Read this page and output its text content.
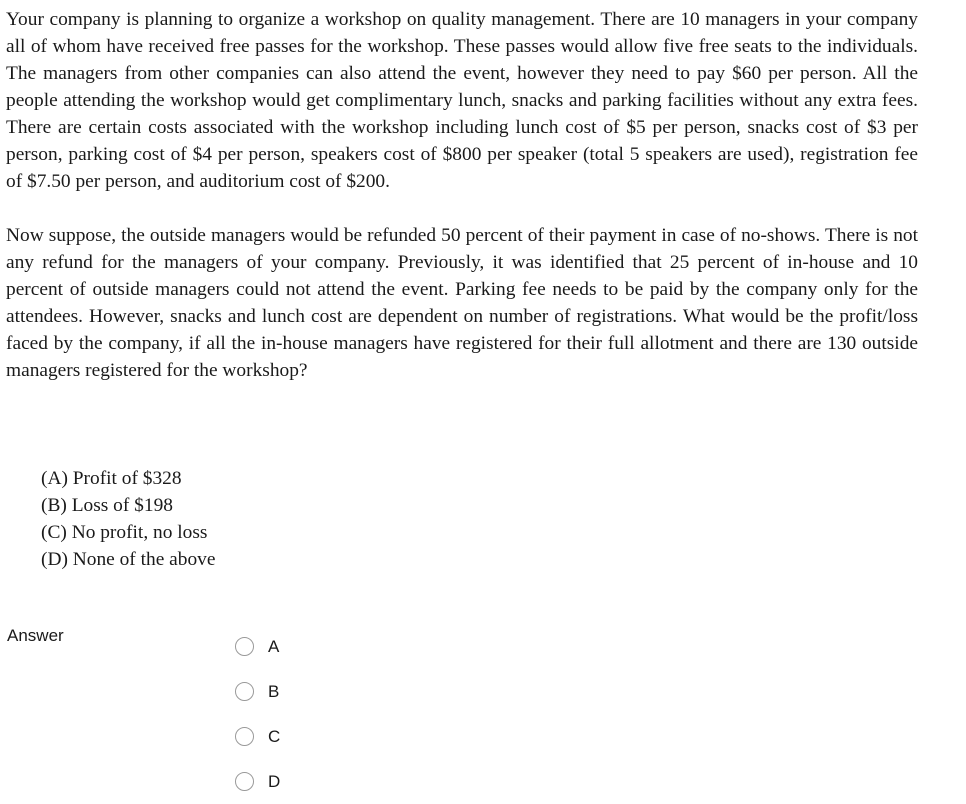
Your company is planning to organize a workshop on quality management. There are 10 managers in your company all of whom have received free passes for the workshop. These passes would allow five free seats to the individuals. The managers from other companies can also attend the event, however they need to pay $60 per person. All the people attending the workshop would get complimentary lunch, snacks and parking facilities without any extra fees. There are certain costs associated with the workshop including lunch cost of $5 per person, snacks cost of $3 per person, parking cost of $4 per person, speakers cost of $800 per speaker (total 5 speakers are used), registration fee of $7.50 per person, and auditorium cost of $200.

Now suppose, the outside managers would be refunded 50 percent of their payment in case of no-shows. There is not any refund for the managers of your company. Previously, it was identified that 25 percent of in-house and 10 percent of outside managers could not attend the event. Parking fee needs to be paid by the company only for the attendees. However, snacks and lunch cost are dependent on number of registrations. What would be the profit/loss faced by the company, if all the in-house managers have registered for their full allotment and there are 130 outside managers registered for the workshop?

(A) Profit of $328
(B) Loss of $198
(C) No profit, no loss
(D) None of the above
Answer
A
B
C
D
